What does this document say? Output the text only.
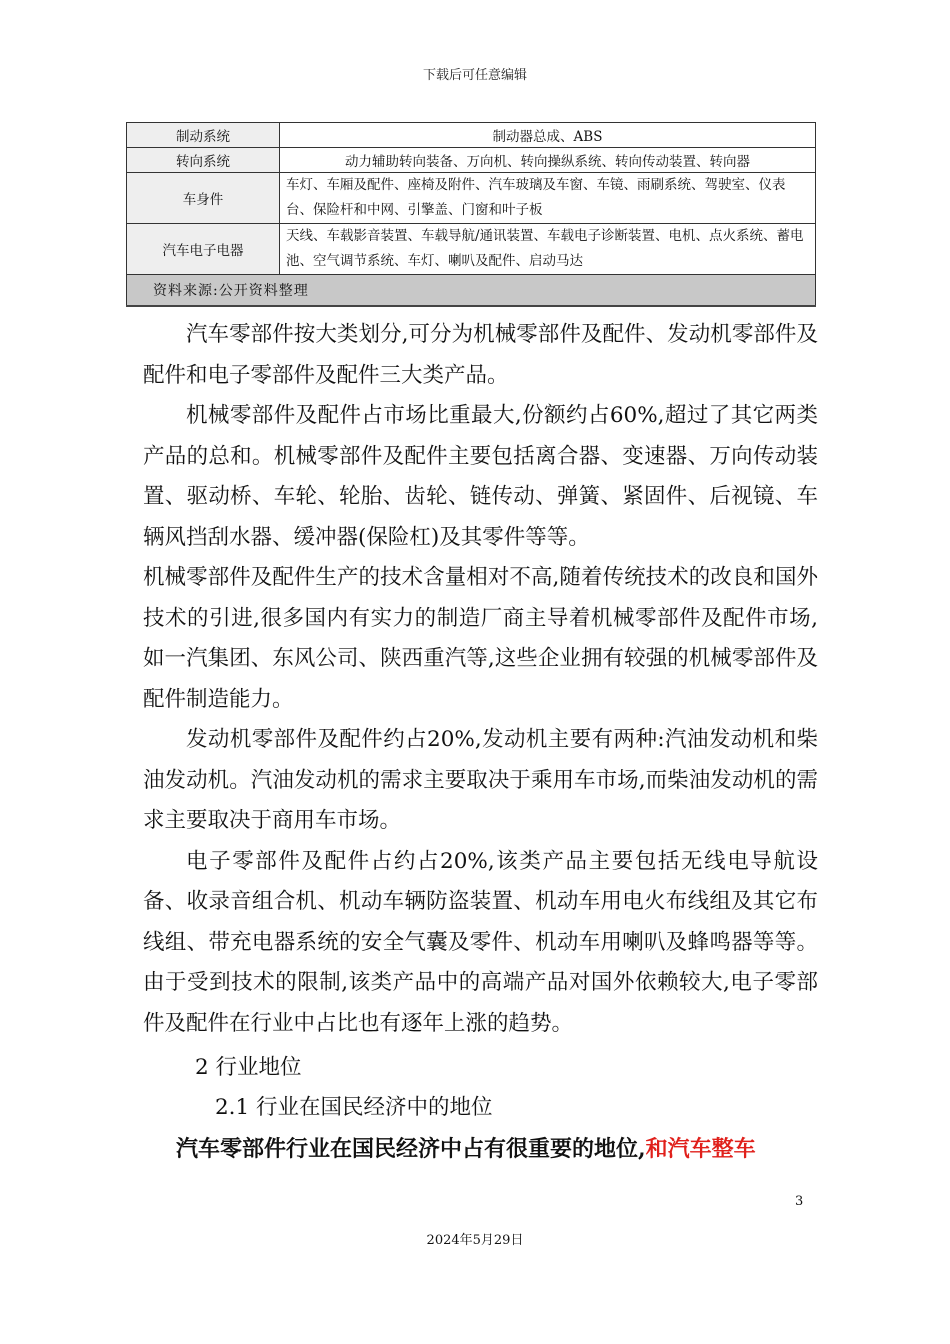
下载后可任意编辑
制动系统	制动器总成、ABS
转向系统	动力辅助转向装备、万向机、转向操纵系统、转向传动装置、转向器
车身件	车灯、车厢及配件、座椅及附件、汽车玻璃及车窗、车镜、雨刷系统、驾驶室、仪表台、保险杆和中网、引擎盖、门窗和叶子板
汽车电子电器	天线、车载影音装置、车载导航/通讯装置、车载电子诊断装置、电机、点火系统、蓄电池、空气调节系统、车灯、喇叭及配件、启动马达
资料来源:公开资料整理	

汽车零部件按大类划分,可分为机械零部件及配件、发动机零部件及配件和电子零部件及配件三大类产品。

机械零部件及配件占市场比重最大,份额约占60%,超过了其它两类产品的总和。机械零部件及配件主要包括离合器、变速器、万向传动装置、驱动桥、车轮、轮胎、齿轮、链传动、弹簧、紧固件、后视镜、车辆风挡刮水器、缓冲器(保险杠)及其零件等等。

机械零部件及配件生产的技术含量相对不高,随着传统技术的改良和国外技术的引进,很多国内有实力的制造厂商主导着机械零部件及配件市场,如一汽集团、东风公司、陕西重汽等,这些企业拥有较强的机械零部件及配件制造能力。

发动机零部件及配件约占20%,发动机主要有两种:汽油发动机和柴油发动机。汽油发动机的需求主要取决于乘用车市场,而柴油发动机的需求主要取决于商用车市场。

电子零部件及配件占约占20%,该类产品主要包括无线电导航设备、收录音组合机、机动车辆防盗装置、机动车用电火布线组及其它布线组、带充电器系统的安全气囊及零件、机动车用喇叭及蜂鸣器等等。由于受到技术的限制,该类产品中的高端产品对国外依赖较大,电子零部件及配件在行业中占比也有逐年上涨的趋势。

2 行业地位
2.1 行业在国民经济中的地位
汽车零部件行业在国民经济中占有很重要的地位,和汽车整车
3
2024年5月29日
